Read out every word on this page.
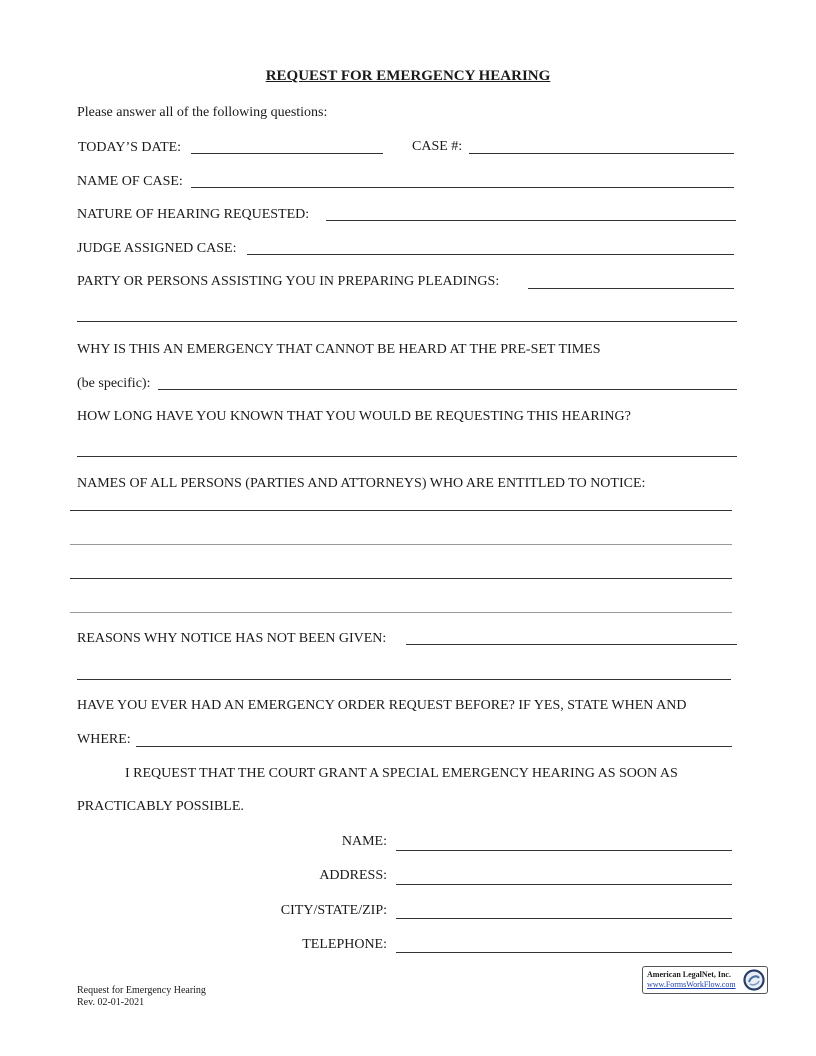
REQUEST FOR EMERGENCY HEARING
Please answer all of the following questions:
TODAY’S DATE:	CASE #:
NAME OF CASE:
NATURE OF HEARING REQUESTED:
JUDGE ASSIGNED CASE:
PARTY OR PERSONS ASSISTING YOU IN PREPARING PLEADINGS:
WHY IS THIS AN EMERGENCY THAT CANNOT BE HEARD AT THE PRE-SET TIMES
(be specific):
HOW LONG HAVE YOU KNOWN THAT YOU WOULD BE REQUESTING THIS HEARING?
NAMES OF ALL PERSONS (PARTIES AND ATTORNEYS) WHO ARE ENTITLED TO NOTICE:
REASONS WHY NOTICE HAS NOT BEEN GIVEN:
HAVE YOU EVER HAD AN EMERGENCY ORDER REQUEST BEFORE? IF YES, STATE WHEN AND
WHERE:
I REQUEST THAT THE COURT GRANT A SPECIAL EMERGENCY HEARING AS SOON AS
PRACTICABLY POSSIBLE.
NAME:
ADDRESS:
CITY/STATE/ZIP:
TELEPHONE:
Request for Emergency Hearing
Rev. 02-01-2021
American LegalNet, Inc.
www.FormsWorkFlow.com
